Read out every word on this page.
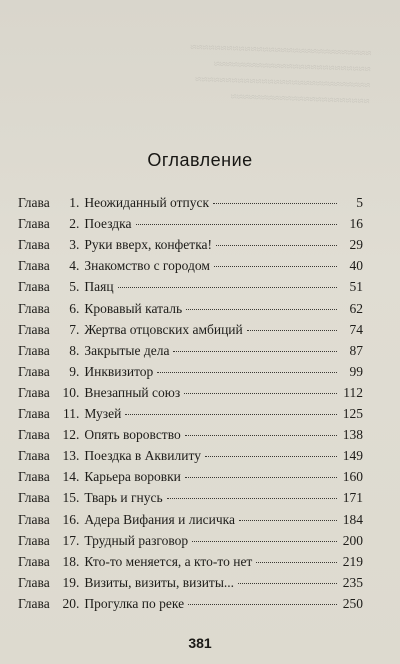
≈≈≈≈≈≈≈≈≈≈≈≈≈≈≈≈≈≈≈≈≈≈≈≈≈≈≈≈≈≈
≈≈≈≈≈≈≈≈≈≈≈≈≈≈≈≈≈≈≈≈≈≈≈≈≈≈
≈≈≈≈≈≈≈≈≈≈≈≈≈≈≈≈≈≈≈≈≈≈≈≈≈≈≈≈≈
≈≈≈≈≈≈≈≈≈≈≈≈≈≈≈≈≈≈≈≈≈≈≈
Оглавление
Глава	1 . Неожиданный отпуск	5
Глава	2 . Поездка	16
Глава	3 . Руки вверх, конфетка!	29
Глава	4 . Знакомство с городом	40
Глава	5 . Паяц	51
Глава	6 . Кровавый каталь	62
Глава	7 . Жертва отцовских амбиций	74
Глава	8 . Закрытые дела	87
Глава	9 . Инквизитор	99
Глава 10 . Внезапный союз	112
Глава 11 . Музей	125
Глава 12 . Опять воровство	138
Глава 13 . Поездка в Аквилиту	149
Глава 14 . Карьера воровки	160
Глава 15 . Тварь и гнусь	171
Глава 16 . Адера Вифания и лисичка	184
Глава 17 . Трудный разговор	200
Глава 18 . Кто-то меняется, а кто-то нет	219
Глава 19 . Визиты, визиты, визиты...	235
Глава 20 . Прогулка по реке	250
381
